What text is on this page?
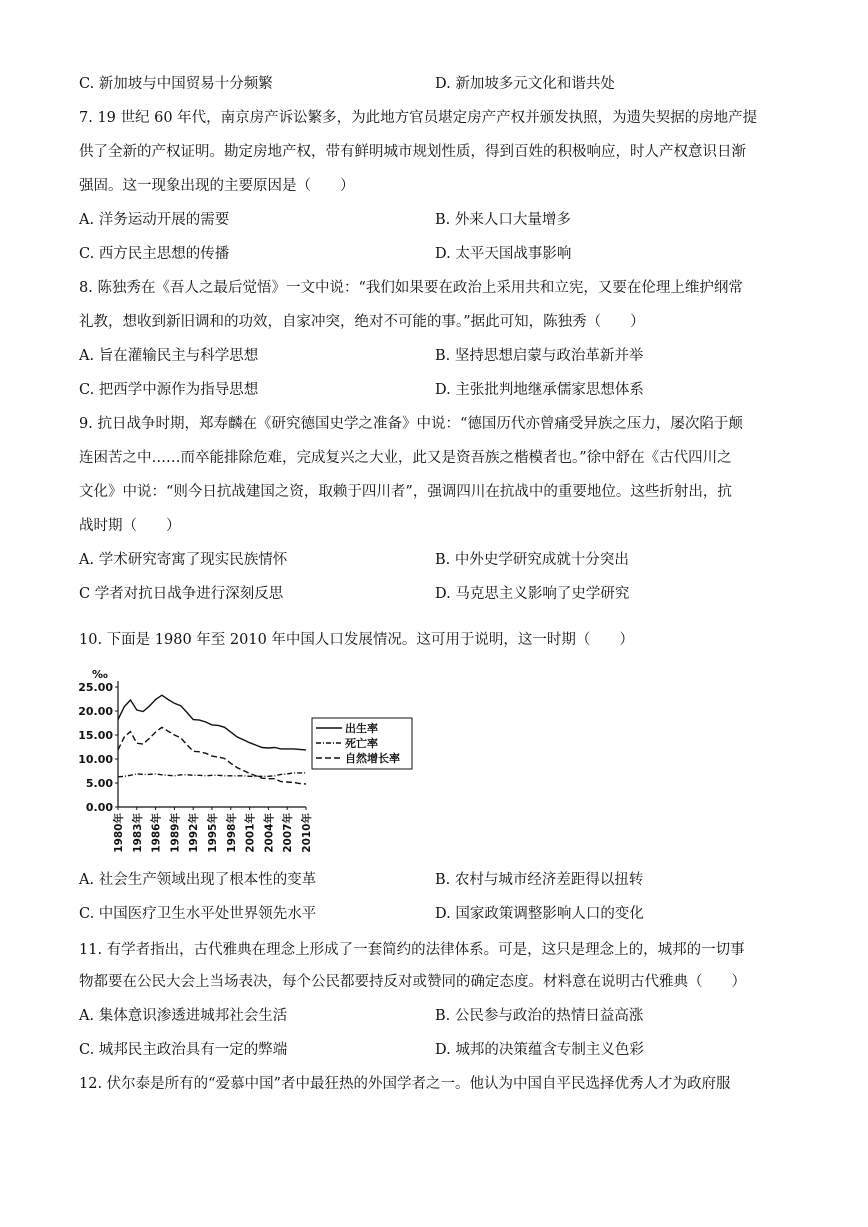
C. 新加坡与中国贸易十分频繁	D. 新加坡多元文化和谐共处
7. 19 世纪 60 年代，南京房产诉讼繁多，为此地方官员堪定房产产权并颁发执照，为遗失契据的房地产提
供了全新的产权证明。勘定房地产权，带有鲜明城市规划性质，得到百姓的积极响应，时人产权意识日渐
强固。这一现象出现的主要原因是（　　）
A. 洋务运动开展的需要	B. 外来人口大量增多
C. 西方民主思想的传播	D. 太平天国战事影响
8. 陈独秀在《吾人之最后觉悟》一文中说：“我们如果要在政治上采用共和立宪，又要在伦理上维护纲常
礼教，想收到新旧调和的功效，自家冲突，绝对不可能的事。”据此可知，陈独秀（　　）
A. 旨在灌输民主与科学思想	B. 坚持思想启蒙与政治革新并举
C. 把西学中源作为指导思想	D. 主张批判地继承儒家思想体系
9. 抗日战争时期，郑寿麟在《研究德国史学之准备》中说：“德国历代亦曾痛受异族之压力，屡次陷于颠
连困苦之中……而卒能排除危难，完成复兴之大业，此又是资吾族之楷模者也。”徐中舒在《古代四川之
文化》中说：“则今日抗战建国之资，取赖于四川者”，强调四川在抗战中的重要地位。这些折射出，抗
战时期（　　）
A. 学术研究寄寓了现实民族情怀	B. 中外史学研究成就十分突出
C 学者对抗日战争进行深刻反思	D. 马克思主义影响了史学研究
10. 下面是 1980 年至 2010 年中国人口发展情况。这可用于说明，这一时期（　　）
‰
0.00
5.00
10.00
15.00
20.00
25.00
1980年 1983年 1986年 1989年 1992年 1995年 1998年 2001年 2004年 2007年 2010年
出生率
死亡率
自然增长率
A. 社会生产领域出现了根本性的变革	B. 农村与城市经济差距得以扭转
C. 中国医疗卫生水平处世界领先水平	D. 国家政策调整影响人口的变化
11. 有学者指出，古代雅典在理念上形成了一套简约的法律体系。可是，这只是理念上的，城邦的一切事
物都要在公民大会上当场表决，每个公民都要持反对或赞同的确定态度。材料意在说明古代雅典（　　）
A. 集体意识渗透进城邦社会生活	B. 公民参与政治的热情日益高涨
C. 城邦民主政治具有一定的弊端	D. 城邦的决策蕴含专制主义色彩
12. 伏尔泰是所有的“爱慕中国”者中最狂热的外国学者之一。他认为中国自平民选择优秀人才为政府服
